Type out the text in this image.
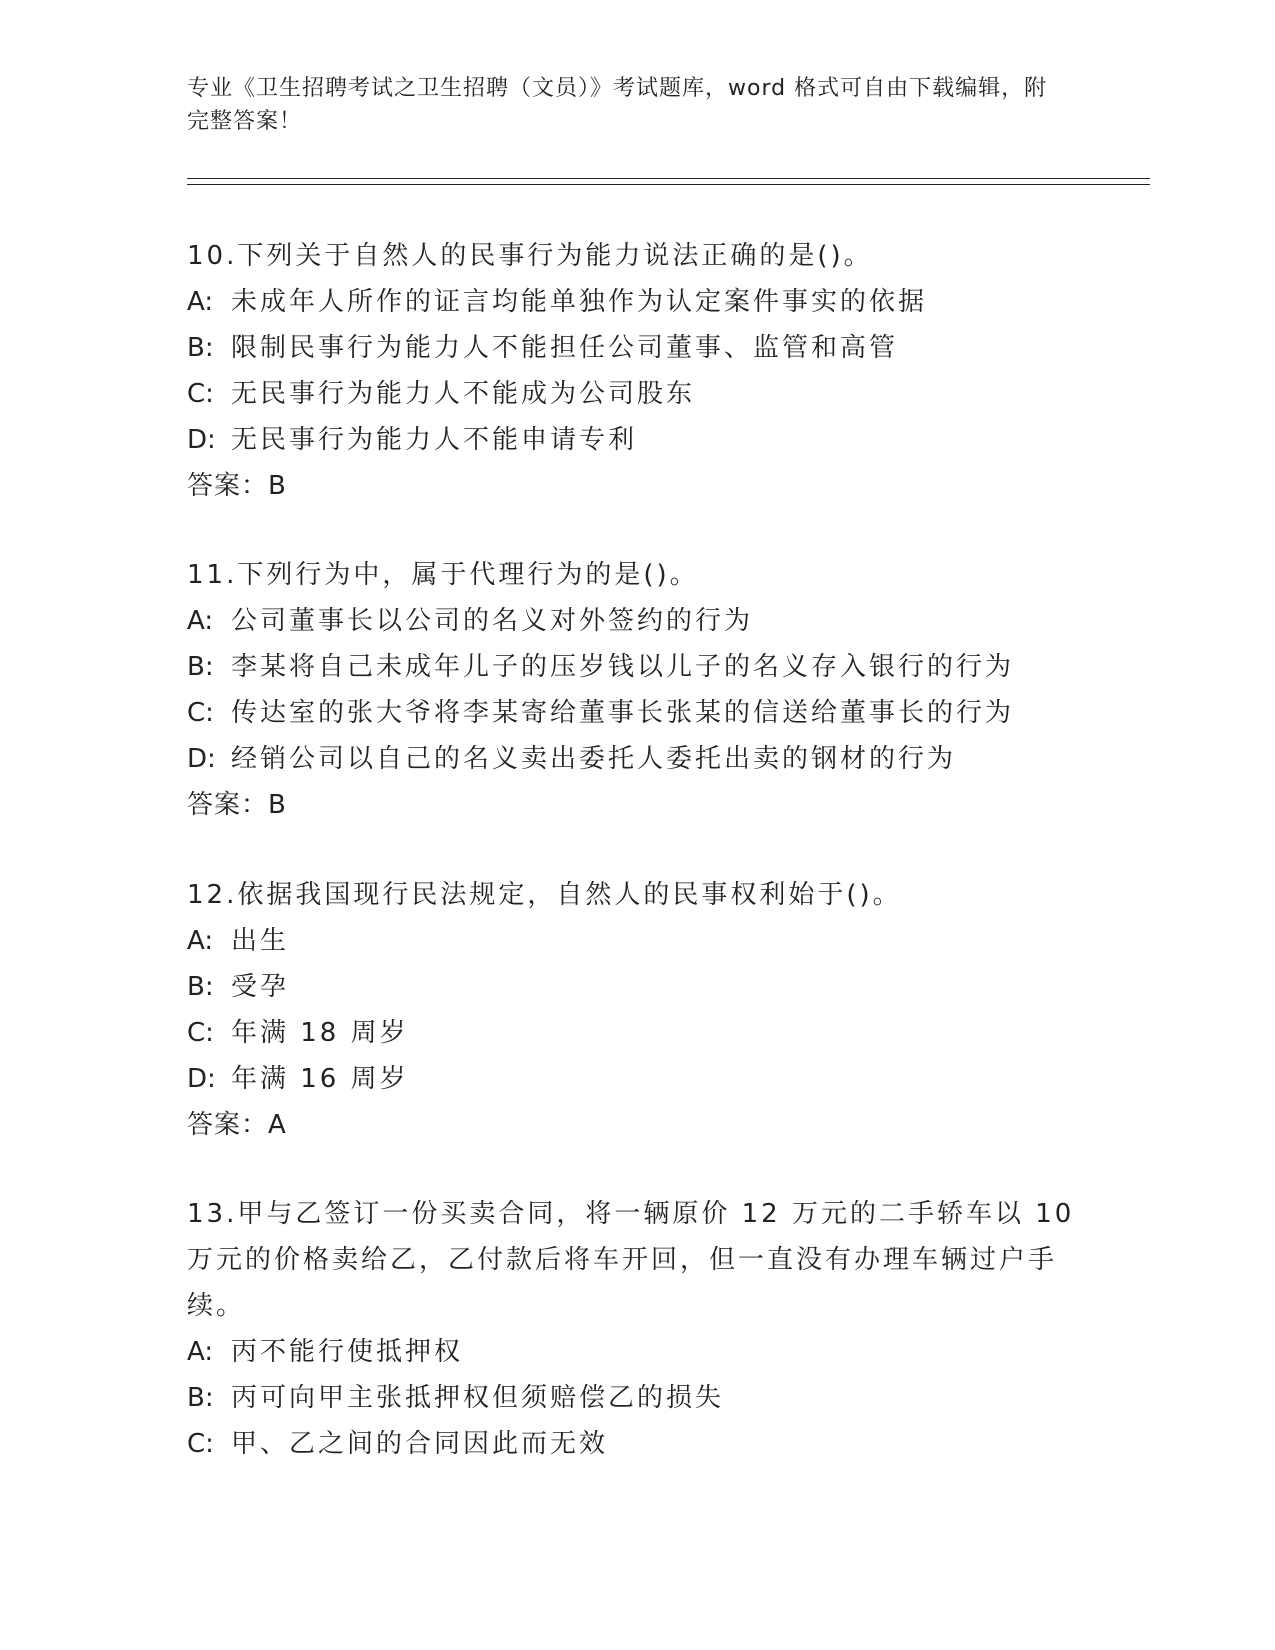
专业《卫生招聘考试之卫生招聘（文员）》考试题库，word 格式可自由下载编辑，附完整答案！

10.下列关于自然人的民事行为能力说法正确的是()。

A: 未成年人所作的证言均能单独作为认定案件事实的依据
B: 限制民事行为能力人不能担任公司董事、监管和高管
C: 无民事行为能力人不能成为公司股东
D: 无民事行为能力人不能申请专利
答案：B

11.下列行为中，属于代理行为的是()。

A: 公司董事长以公司的名义对外签约的行为
B: 李某将自己未成年儿子的压岁钱以儿子的名义存入银行的行为
C: 传达室的张大爷将李某寄给董事长张某的信送给董事长的行为
D: 经销公司以自己的名义卖出委托人委托出卖的钢材的行为
答案：B

12.依据我国现行民法规定，自然人的民事权利始于()。

A: 出生
B: 受孕
C: 年满 18 周岁
D: 年满 16 周岁
答案：A

13.甲与乙签订一份买卖合同，将一辆原价 12 万元的二手轿车以 10 万元的价格卖给乙，乙付款后将车开回，但一直没有办理车辆过户手续。

A: 丙不能行使抵押权
B: 丙可向甲主张抵押权但须赔偿乙的损失
C: 甲、乙之间的合同因此而无效
